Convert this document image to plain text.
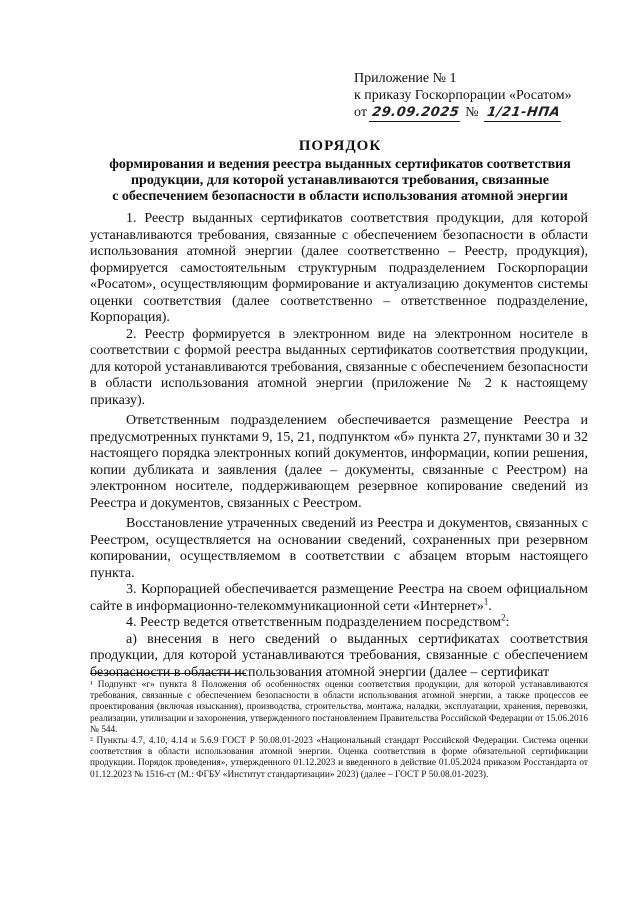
Приложение № 1
к приказу Госкорпорации «Росатом»
от 29.09.2025 № 1/21-НПА
ПОРЯДОК
формирования и ведения реестра выданных сертификатов соответствия
продукции, для которой устанавливаются требования, связанные
с обеспечением безопасности в области использования атомной энергии

1. Реестр выданных сертификатов соответствия продукции, для которой устанавливаются требования, связанные с обеспечением безопасности в области использования атомной энергии (далее соответственно – Реестр, продукция), формируется самостоятельным структурным подразделением Госкорпорации «Росатом», осуществляющим формирование и актуализацию документов системы оценки соответствия (далее соответственно – ответственное подразделение, Корпорация).

2. Реестр формируется в электронном виде на электронном носителе в соответствии с формой реестра выданных сертификатов соответствия продукции, для которой устанавливаются требования, связанные с обеспечением безопасности в области использования атомной энергии (приложение № 2 к настоящему приказу).

Ответственным подразделением обеспечивается размещение Реестра и предусмотренных пунктами 9, 15, 21, подпунктом «б» пункта 27, пунктами 30 и 32 настоящего порядка электронных копий документов, информации, копии решения, копии дубликата и заявления (далее – документы, связанные с Реестром) на электронном носителе, поддерживающем резервное копирование сведений из Реестра и документов, связанных с Реестром.

Восстановление утраченных сведений из Реестра и документов, связанных с Реестром, осуществляется на основании сведений, сохраненных при резервном копировании, осуществляемом в соответствии с абзацем вторым настоящего пункта.

3. Корпорацией обеспечивается размещение Реестра на своем официальном сайте в информационно-телекоммуникационной сети «Интернет»$^1$.

4. Реестр ведется ответственным подразделением посредством$^2$:

а) внесения в него сведений о выданных сертификатах соответствия продукции, для которой устанавливаются требования, связанные с обеспечением безопасности в области использования атомной энергии (далее – сертификат

¹ Подпункт «г» пункта 8 Положения об особенностях оценки соответствия продукции, для которой устанавливаются требования, связанные с обеспечением безопасности в области использования атомной энергии, а также процессов ее проектирования (включая изыскания), производства, строительства, монтажа, наладки, эксплуатации, хранения, перевозки, реализации, утилизации и захоронения, утвержденного постановлением Правительства Российской Федерации от 15.06.2016 № 544.

² Пункты 4.7, 4.10, 4.14 и 5.6.9 ГОСТ Р 50.08.01-2023 «Национальный стандарт Российской Федерации. Система оценки соответствия в области использования атомной энергии. Оценка соответствия в форме обязательной сертификации продукции. Порядок проведения», утвержденного 01.12.2023 и введенного в действие 01.05.2024 приказом Росстандарта от 01.12.2023 № 1516-ст (М.: ФГБУ «Институт стандартизации» 2023) (далее – ГОСТ Р 50.08.01-2023).
